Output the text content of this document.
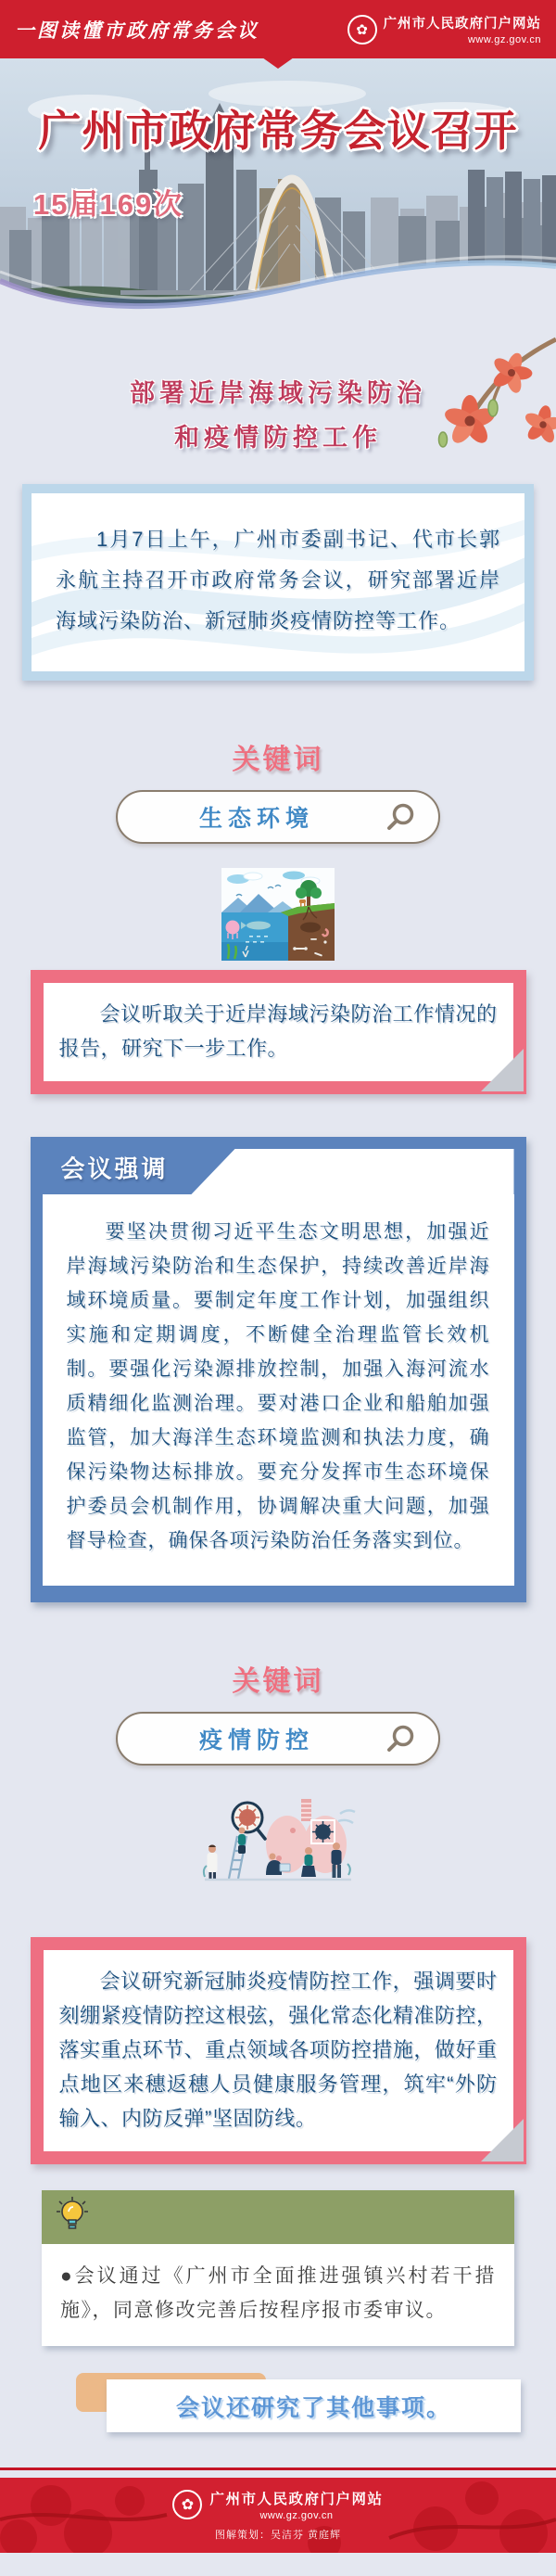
一图读懂市政府常务会议	✿	广州市人民政府门户网站
www.gz.gov.cn
广州市政府常务会议召开
15届169次
部署近岸海域污染防治
和疫情防控工作

1月7日上午，广州市委副书记、代市长郭永航主持召开市政府常务会议，研究部署近岸海域污染防治、新冠肺炎疫情防控等工作。

关键词
生态环境

会议听取关于近岸海域污染防治工作情况的报告，研究下一步工作。

会议强调

要坚决贯彻习近平生态文明思想，加强近岸海域污染防治和生态保护，持续改善近岸海域环境质量。要制定年度工作计划，加强组织实施和定期调度，不断健全治理监管长效机制。要强化污染源排放控制，加强入海河流水质精细化监测治理。要对港口企业和船舶加强监管，加大海洋生态环境监测和执法力度，确保污染物达标排放。要充分发挥市生态环境保护委员会机制作用，协调解决重大问题，加强督导检查，确保各项污染防治任务落实到位。

关键词
疫情防控

会议研究新冠肺炎疫情防控工作，强调要时刻绷紧疫情防控这根弦，强化常态化精准防控，落实重点环节、重点领域各项防控措施，做好重点地区来穗返穗人员健康服务管理，筑牢“外防输入、内防反弹”坚固防线。

●会议通过《广州市全面推进强镇兴村若干措施》，同意修改完善后按程序报市委审议。

会议还研究了其他事项。
✿	广州市人民政府门户网站
www.gz.gov.cn
图解策划：吴洁芬 黄庭辉
